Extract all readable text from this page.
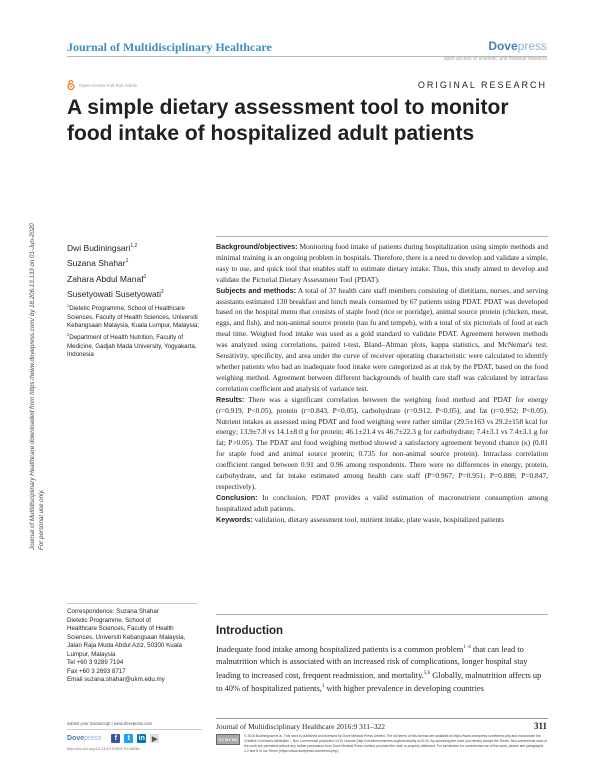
Journal of Multidisciplinary Healthcare	Dovepress
open access to scientific and medical research
Open Access Full Text Article	ORIGINAL RESEARCH
A simple dietary assessment tool to monitor food intake of hospitalized adult patients
Journal of Multidisciplinary Healthcare downloaded from https://www.dovepress.com/ by 18.206.13.133 on 01-Jun-2020 For personal use only.
Dwi Budiningsari$^{1,2}$
Suzana Shahar$^1$
Zahara Abdul Manaf$^1$
Susetyowati Susetyowati$^2$
$^1$Dietetic Programme, School of Healthcare Sciences, Faculty of Health Sciences, Universiti Kebangsaan Malaysia, Kuala Lumpur, Malaysia;
$^2$Department of Health Nutrition, Faculty of Medicine, Gadjah Mada University, Yogyakarta, Indonesia
Correspondence: Suzana Shahar
Dietetic Programme, School of
Healthcare Sciences, Faculty of Health
Sciences, Universiti Kebangsaan Malaysia,
Jalan Raja Muda Abdul Aziz, 50300 Kuala
Lumpur, Malaysia
Tel +60 3 9289 7194
Fax +60 3 2693 8717
Email suzana.shahar@ukm.edu.my

Background/objectives: Monitoring food intake of patients during hospitalization using simple methods and minimal training is an ongoing problem in hospitals. Therefore, there is a need to develop and validate a simple, easy to use, and quick tool that enables staff to estimate dietary intake. Thus, this study aimed to develop and validate the Pictorial Dietary Assessment Tool (PDAT).

Subjects and methods: A total of 37 health care staff members consisting of dietitians, nurses, and serving assistants estimated 130 breakfast and lunch meals consumed by 67 patients using PDAT. PDAT was developed based on the hospital menu that consists of staple food (rice or porridge), animal source protein (chicken, meat, eggs, and fish), and non-animal source protein (tau fu and tempeh), with a total of six pictorials of food at each meal time. Weighed food intake was used as a gold standard to validate PDAT. Agreement between methods was analyzed using correlations, paired t-test, Bland–Altman plots, kappa statistics, and McNemar's test. Sensitivity, specificity, and area under the curve of receiver operating characteristic were calculated to identify whether patients who had an inadequate food intake were categorized as at risk by the PDAT, based on the food weighing method. Agreement between different backgrounds of health care staff was calculated by intraclass correlation coefficient and analysis of variance test.

Results: There was a significant correlation between the weighing food method and PDAT for energy (r=0.919, P<0.05), protein (r=0.843, P<0.05), carbohydrate (r=0.912, P<0.05), and fat (r=0.952; P<0.05). Nutrient intakes as assessed using PDAT and food weighing were rather similar (29.5±163 vs 29.2±158 kcal for energy; 13.9±7.8 vs 14.1±8.0 g for protein; 46.1±21.4 vs 46.7±22.3 g for carbohydrate; 7.4±3.1 vs 7.4±3.1 g for fat; P>0.05). The PDAT and food weighing method showed a satisfactory agreement beyond chance (κ) (0.81 for staple food and animal source protein; 0.735 for non-animal source protein). Intraclass correlation coefficient ranged between 0.91 and 0.96 among respondents. There were no differences in energy, protein, carbohydrate, and fat intake estimated among health care staff (P=0.967; P=0.951; P=0.888; P=0.847, respectively).

Conclusion: In conclusion, PDAT provides a valid estimation of macronutrient consumption among hospitalized adult patients.

Keywords: validation, dietary assessment tool, nutrient intake, plate waste, hospitalized patients

Introduction
Inadequate food intake among hospitalized patients is a common problem$^{1-4}$ that can lead to malnutrition which is associated with an increased risk of complications, longer hospital stay leading to increased cost, frequent readmission, and mortality.$^{5,6}$ Globally, malnutrition affects up to 40% of hospitalized patients,$^1$ with higher prevalence in developing countries
submit your manuscript | www.dovepress.com
Dovepress	f	t	in ▶
http://dx.doi.org/10.2147/JMDH.S108836
Journal of Multidisciplinary Healthcare 2016:9 311–322	311
CC BY NC
© 2016 Budiningsari et al. This work is published and licensed by Dove Medical Press Limited. The full terms of this license are available at https://www.dovepress.com/terms.php and incorporate the Creative Commons Attribution – Non Commercial (unported, v3.0) License (http://creativecommons.org/licenses/by-nc/3.0/). By accessing the work you hereby accept the Terms. Non-commercial uses of the work are permitted without any further permission from Dove Medical Press Limited, provided the work is properly attributed. For permission for commercial use of this work, please see paragraphs 4.2 and 5 of our Terms (https://www.dovepress.com/terms.php).
